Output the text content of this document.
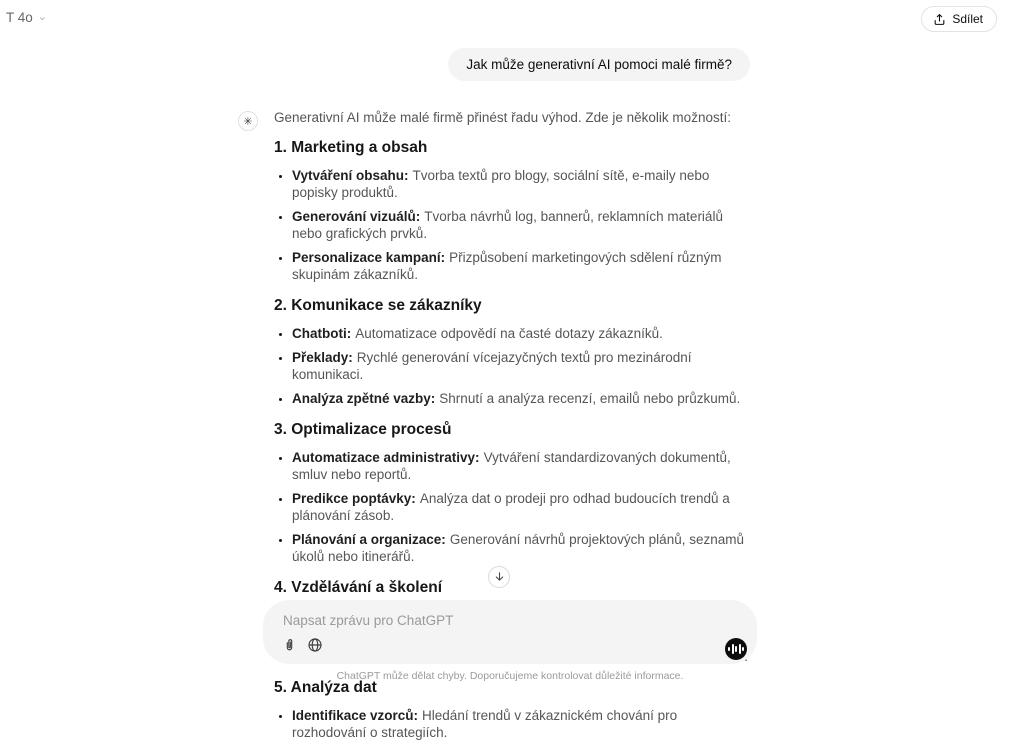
T 4o ⌄	Sdílet
Jak může generativní AI pomoci malé firmě?
✳	Generativní AI může malé firmě přinést řadu výhod. Zde je několik možností:
1. Marketing a obsah
• Vytváření obsahu: Tvorba textů pro blogy, sociální sítě, e-maily nebo popisky produktů.
• Generování vizuálů: Tvorba návrhů log, bannerů, reklamních materiálů nebo grafických prvků.
• Personalizace kampaní: Přizpůsobení marketingových sdělení různým skupinám zákazníků.
2. Komunikace se zákazníky
• Chatboti: Automatizace odpovědí na časté dotazy zákazníků.
• Překlady: Rychlé generování vícejazyčných textů pro mezinárodní komunikaci.
• Analýza zpětné vazby: Shrnutí a analýza recenzí, emailů nebo průzkumů.
3. Optimalizace procesů
• Automatizace administrativy: Vytváření standardizovaných dokumentů, smluv nebo reportů.
• Predikce poptávky: Analýza dat o prodeji pro odhad budoucích trendů a plánování zásob.
• Plánování a organizace: Generování návrhů projektových plánů, seznamů úkolů nebo itinerářů.
4. Vzdělávání a školení
•
•
5. Analýza dat
• Identifikace vzorců: Hledání trendů v zákaznickém chování pro rozhodování o strategiích.
Napsat zprávu pro ChatGPT
ChatGPT může dělat chyby. Doporučujeme kontrolovat důležité informace.
